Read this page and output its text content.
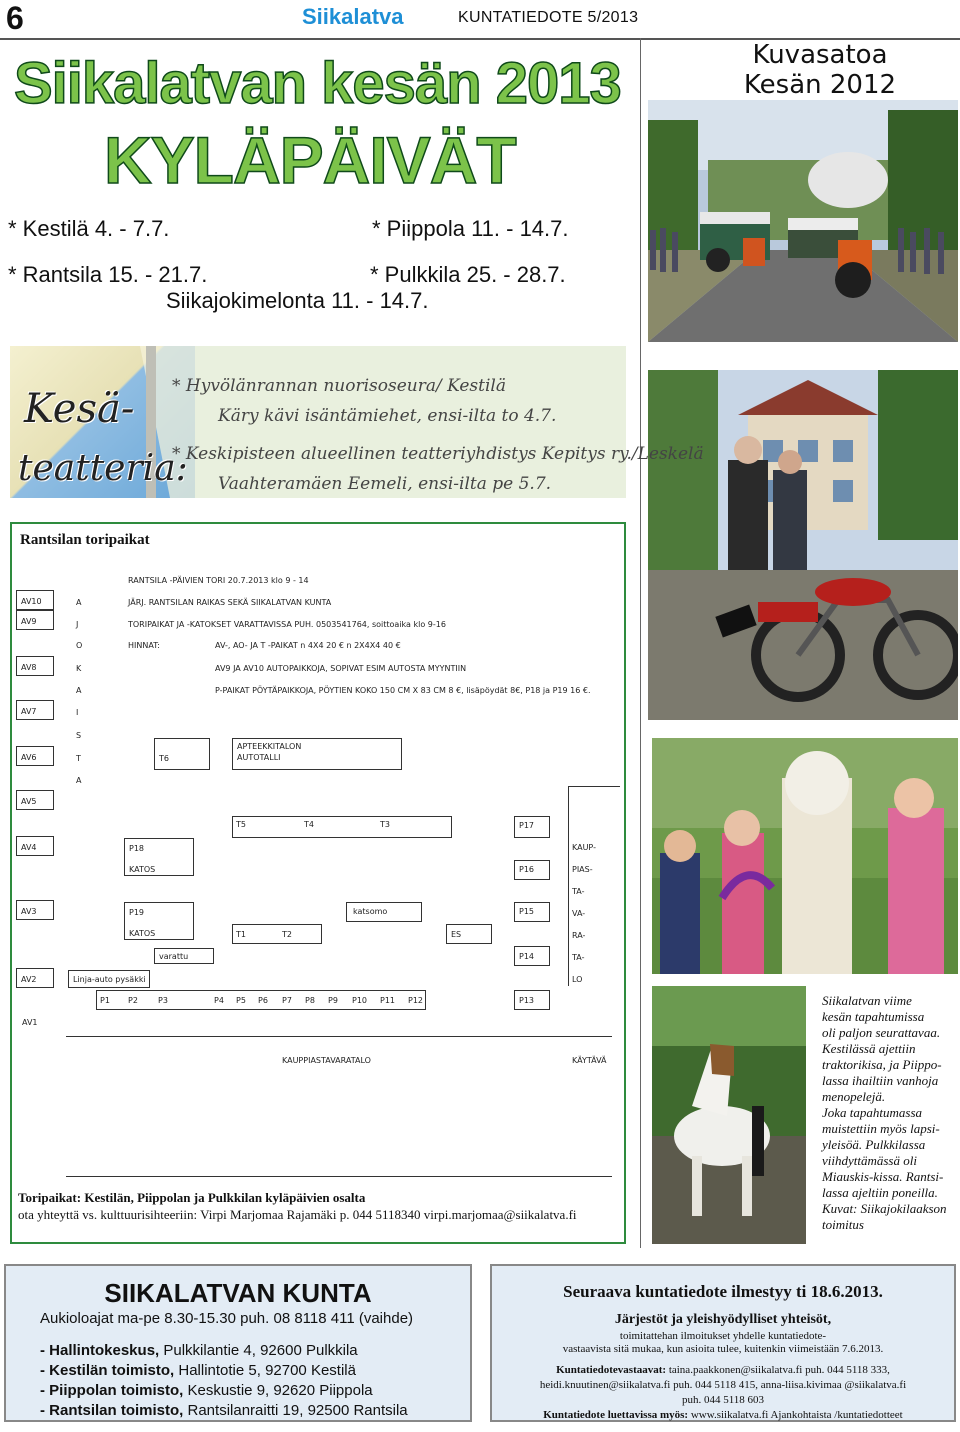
6	Siikalatva	KUNTATIEDOTE 5/2013
Siikalatvan kesän 2013
KYLÄPÄIVÄT
* Kestilä 4. - 7.7.	* Piippola 11. - 14.7.
* Rantsila 15. - 21.7.	* Pulkkila 25. - 28.7.
Siikajokimelonta 11. - 14.7.
Kuvasatoa
Kesän 2012
Siikalatvan viime
kesän tapahtumissa
oli paljon seurattavaa.
Kestilässä ajettiin
traktorikisa, ja Piippo-
lassa ihailtiin vanhoja
menopelejä.
Joka tapahtumassa
muistettiin myös lapsi-
yleisöä. Pulkkilassa
viihdyttämässä oli
Miauskis-kissa. Rantsi-
lassa ajeltiin poneilla.
Kuvat: Siikajokilaakson
toimitus
Kesä-
teatteria:
* Hyvölänrannan nuorisoseura/ Kestilä
Käry kävi isäntämiehet, ensi-ilta to 4.7.
* Keskipisteen alueellinen teatteriyhdistys Kepitys ry./Leskelä
Vaahteramäen Eemeli, ensi-ilta pe 5.7.
Rantsilan toripaikat
RANTSILA -PÄIVIEN TORI 20.7.2013 klo 9 - 14
JÄRJ. RANTSILAN RAIKAS SEKÄ SIIKALATVAN KUNTA
TORIPAIKAT JA -KATOKSET VARATTAVISSA PUH. 0503541764, soittoaika klo 9-16
HINNAT:	AV-, AO- JA T -PAIKAT n 4X4 20 € n 2X4X4 40 €
AV9 JA AV10 AUTOPAIKKOJA, SOPIVAT ESIM AUTOSTA MYYNTIIN
P-PAIKAT PÖYTÄPAIKKOJA, PÖYTIEN KOKO 150 CM X 83 CM 8 €, lisäpöydät 8€, P18 ja P19 16 €.
AV10
AV9
AV8
AV7
AV6
AV5
AV4
AV3
AV2
AV1
A
J
O
K
A
I
S
T
A
T6
APTEEKKITALON
AUTOTALLI
T5	T4	T3	P17
P18
KATOS	P16
P19
KATOS
katsomo	P15
T1	T2	ES
varattu	P14
KAUP-
PIAS-
TA-
VA-
RA-
TA-
LO
Linja-auto pysäkki
P1 P2	P3	P4 P5 P6 P7 P8 P9 P10 P11 P12	P13
KAUPPIASTAVARATALO	KÄYTÄVÄ
Toripaikat: Kestilän, Piippolan ja Pulkkilan kyläpäivien osalta
ota yhteyttä vs. kulttuurisihteeriin: Virpi Marjomaa Rajamäki p. 044 5118340 virpi.marjomaa@siikalatva.fi
SIIKALATVAN KUNTA
Aukioloajat ma-pe 8.30-15.30 puh. 08 8118 411 (vaihde)
- Hallintokeskus, Pulkkilantie 4, 92600 Pulkkila
- Kestilän toimisto, Hallintotie 5, 92700 Kestilä
- Piippolan toimisto, Keskustie 9, 92620 Piippola
- Rantsilan toimisto, Rantsilanraitti 19, 92500 Rantsila
Seuraava kuntatiedote ilmestyy ti 18.6.2013.
Järjestöt ja yleishyödylliset yhteisöt,
toimitattehan ilmoitukset yhdelle kuntatiedote-
vastaavista sitä mukaa, kun asioita tulee, kuitenkin viimeistään 7.6.2013.
Kuntatiedotevastaavat: taina.paakkonen@siikalatva.fi puh. 044 5118 333,
heidi.knuutinen@siikalatva.fi puh. 044 5118 415, anna-liisa.kivimaa @siikalatva.fi
puh. 044 5118 603
Kuntatiedote luettavissa myös: www.siikalatva.fi Ajankohtaista /kuntatiedotteet
